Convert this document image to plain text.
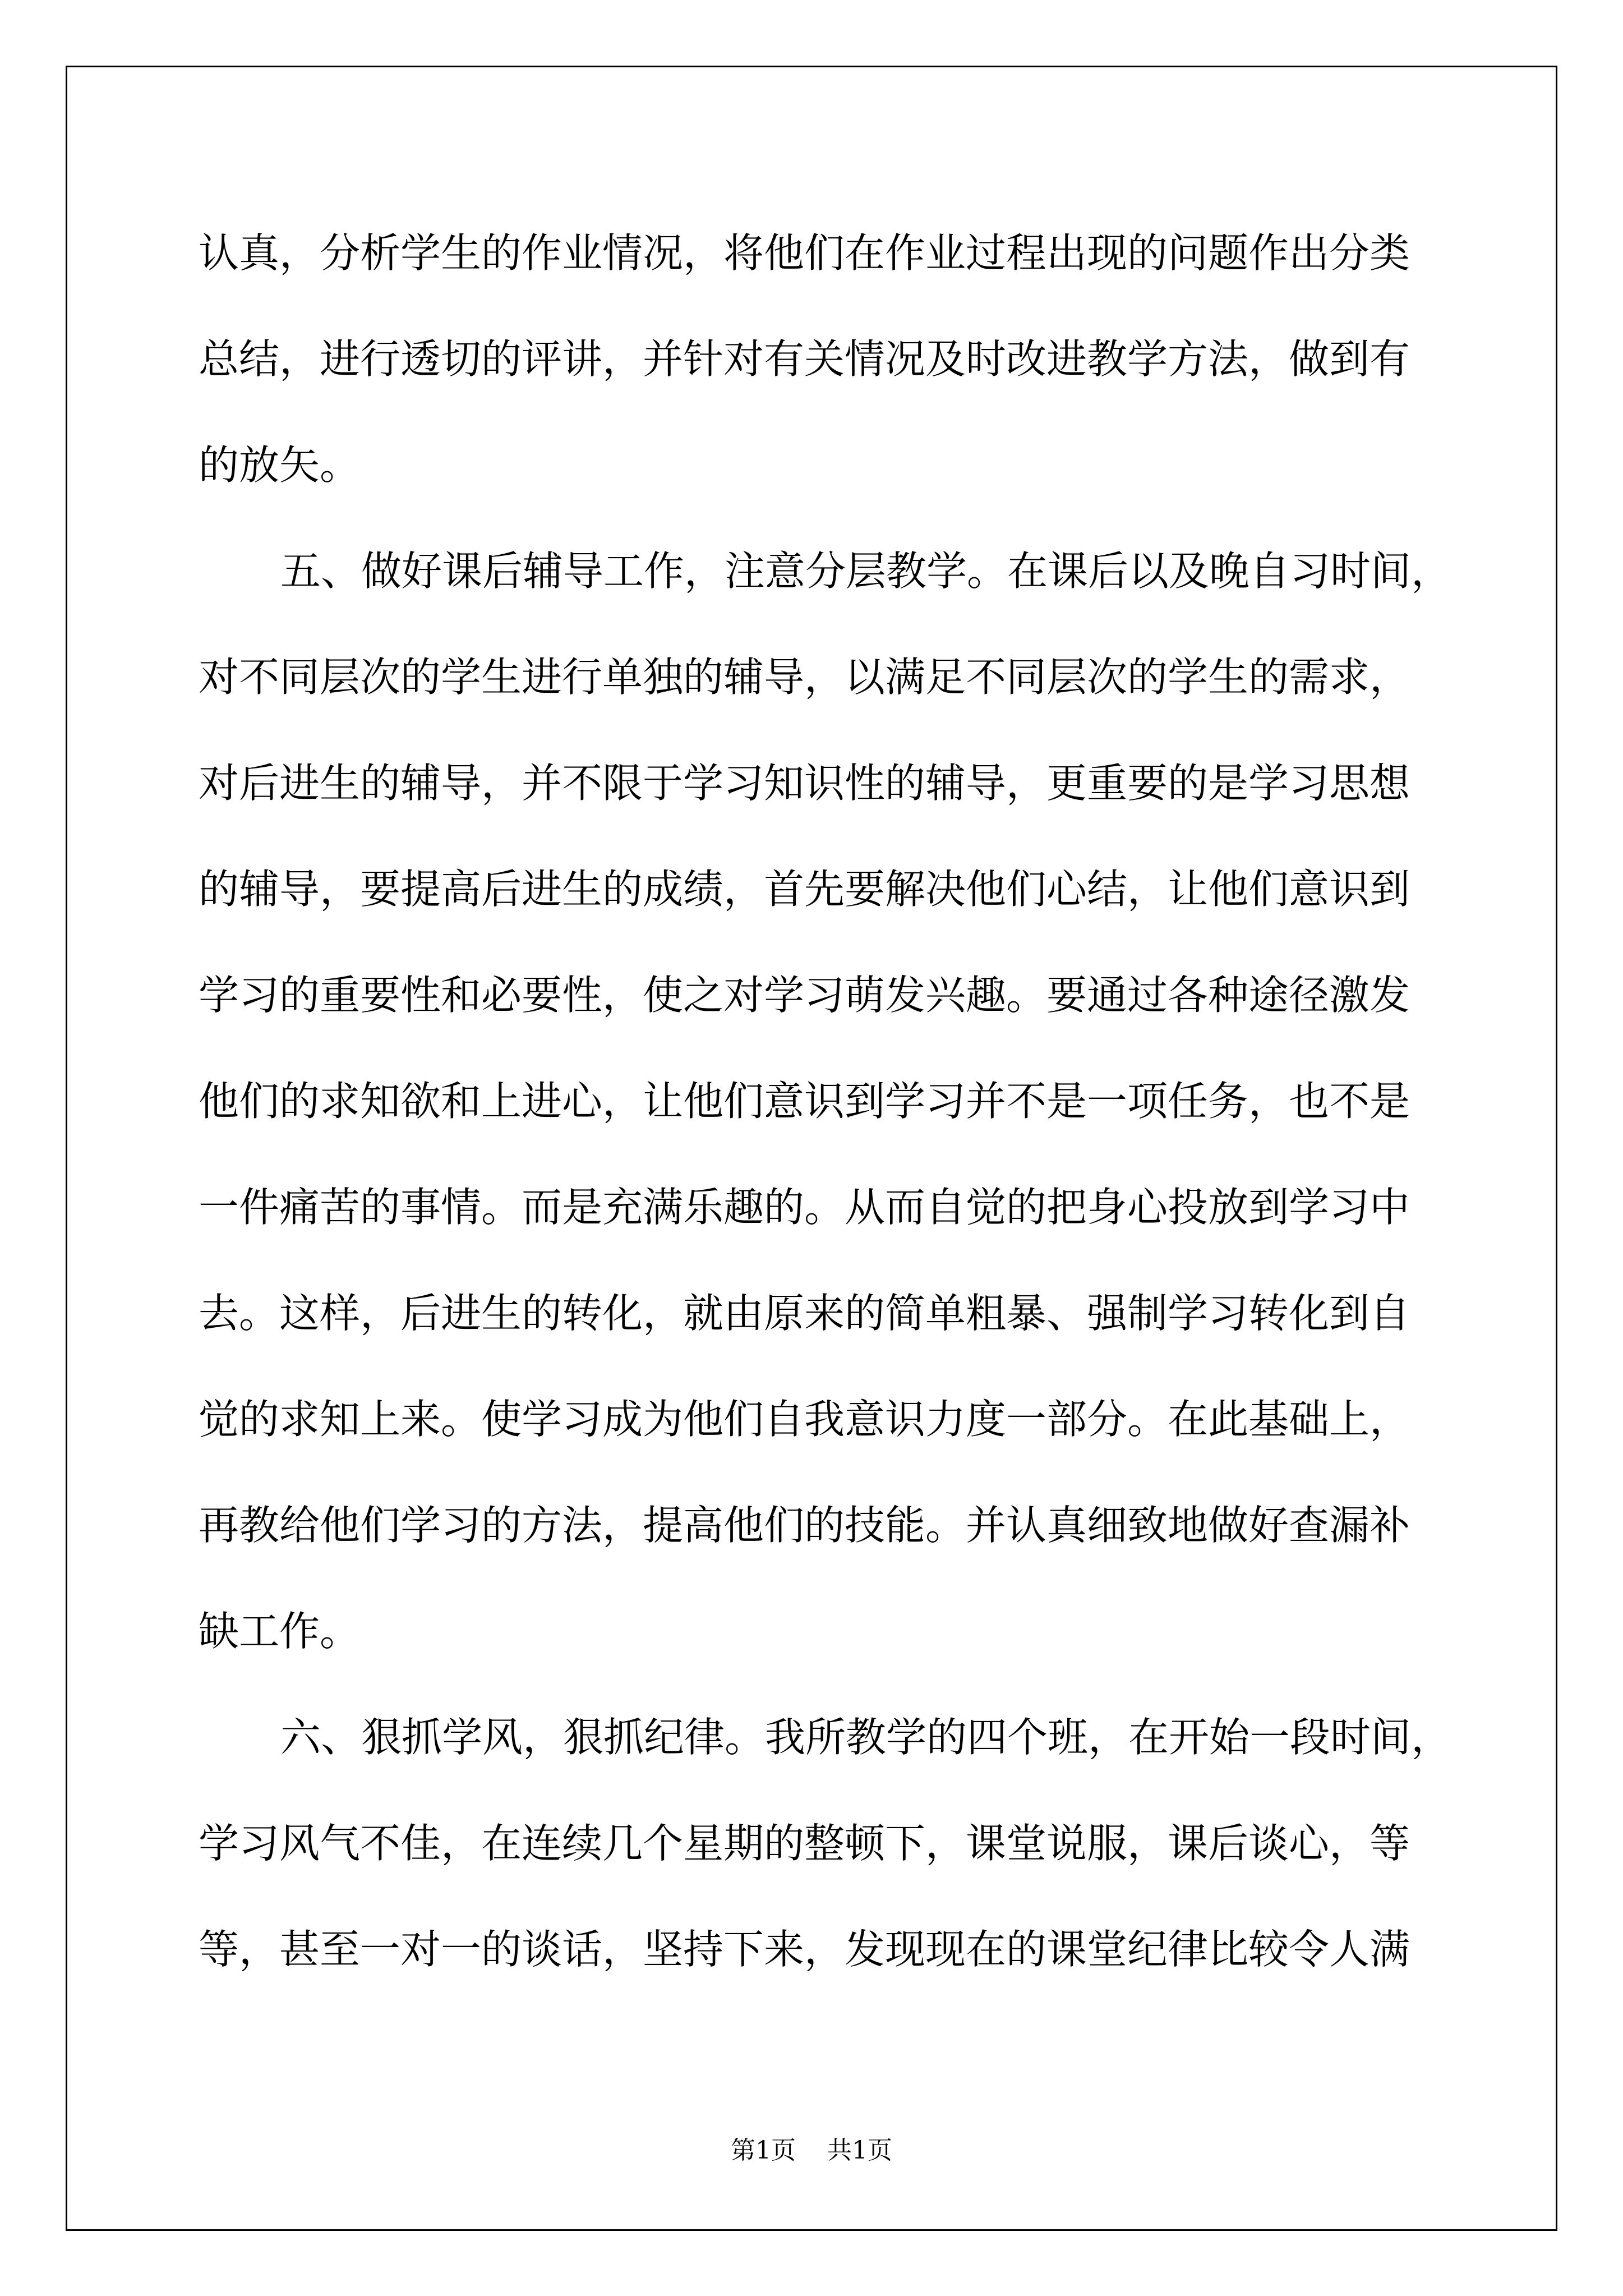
认真，分析学生的作业情况，将他们在作业过程出现的问题作出分类
总结，进行透切的评讲，并针对有关情况及时改进教学方法，做到有
的放矢。
五、做好课后辅导工作，注意分层教学。在课后以及晚自习时间，
对不同层次的学生进行单独的辅导，以满足不同层次的学生的需求，
对后进生的辅导，并不限于学习知识性的辅导，更重要的是学习思想
的辅导，要提高后进生的成绩，首先要解决他们心结，让他们意识到
学习的重要性和必要性，使之对学习萌发兴趣。要通过各种途径激发
他们的求知欲和上进心，让他们意识到学习并不是一项任务，也不是
一件痛苦的事情。而是充满乐趣的。从而自觉的把身心投放到学习中
去。这样，后进生的转化，就由原来的简单粗暴、强制学习转化到自
觉的求知上来。使学习成为他们自我意识力度一部分。在此基础上，
再教给他们学习的方法，提高他们的技能。并认真细致地做好查漏补
缺工作。
六、狠抓学风，狠抓纪律。我所教学的四个班，在开始一段时间，
学习风气不佳，在连续几个星期的整顿下，课堂说服，课后谈心，等
等，甚至一对一的谈话，坚持下来，发现现在的课堂纪律比较令人满
第1页 共1页
